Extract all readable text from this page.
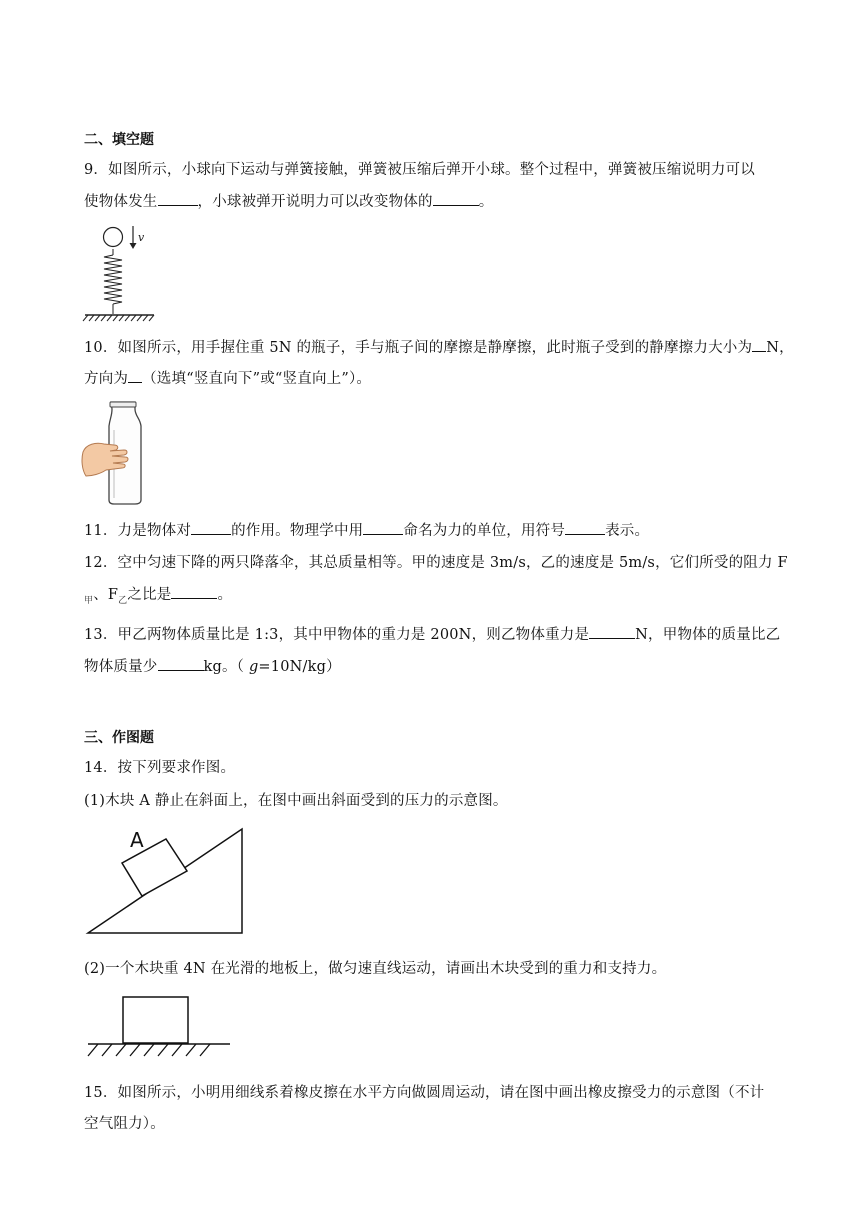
二、填空题
9．如图所示，小球向下运动与弹簧接触，弹簧被压缩后弹开小球。整个过程中，弹簧被压缩说明力可以
使物体发生	，小球被弹开说明力可以改变物体的	。
v
10．如图所示，用手握住重 5N 的瓶子，手与瓶子间的摩擦是静摩擦，此时瓶子受到的静摩擦力大小为 N，
方向为 （选填“竖直向下”或“竖直向上”）。
11．力是物体对	的作用。物理学中用	命名为力的单位，用符号	表示。
12．空中匀速下降的两只降落伞，其总质量相等。甲的速度是 3m/s，乙的速度是 5m/s，它们所受的阻力 F
$_甲$、$F_乙$之比是	。
13．甲乙两物体质量比是 1:3，其中甲物体的重力是 200N，则乙物体重力是	N，甲物体的质量比乙
物体质量少	kg。（ g=10N/kg）
三、作图题
14．按下列要求作图。
(1)木块 A 静止在斜面上，在图中画出斜面受到的压力的示意图。
A
(2)一个木块重 4N 在光滑的地板上，做匀速直线运动，请画出木块受到的重力和支持力。
15．如图所示，小明用细线系着橡皮擦在水平方向做圆周运动，请在图中画出橡皮擦受力的示意图（不计
空气阻力）。
